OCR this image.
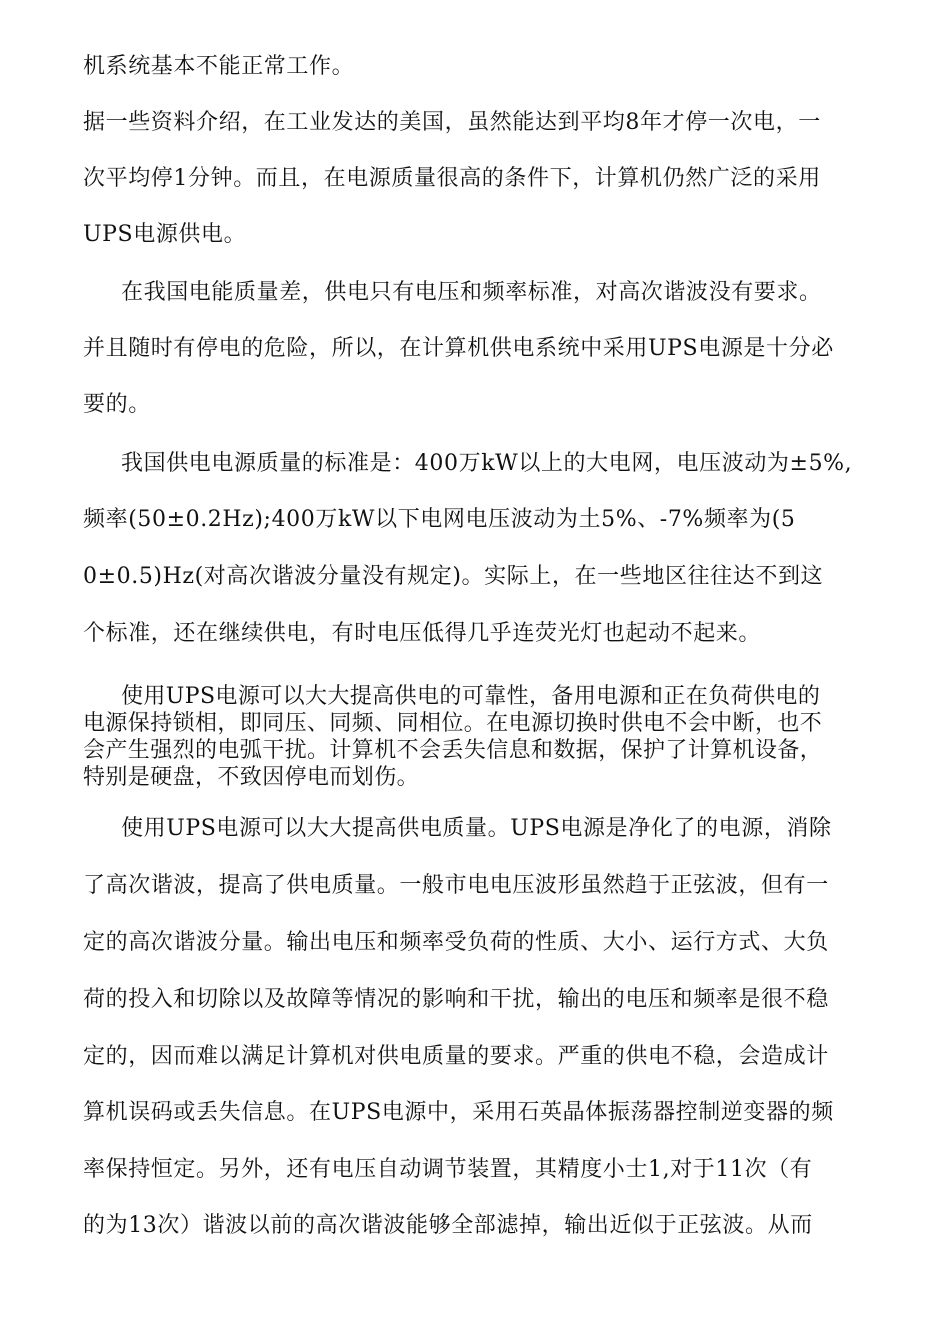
机系统基本不能正常工作。
据一些资料介绍，在工业发达的美国，虽然能达到平均8年才停一次电，一
次平均停1分钟。而且，在电源质量很高的条件下，计算机仍然广泛的采用
UPS电源供电。
在我国电能质量差，供电只有电压和频率标准，对高次谐波没有要求。
并且随时有停电的危险，所以，在计算机供电系统中采用UPS电源是十分必
要的。
我国供电电源质量的标准是：400万kW以上的大电网，电压波动为±5%,
频率(50±0.2Hz);400万kW以下电网电压波动为土5%、-7%频率为(5
0±0.5)Hz(对高次谐波分量没有规定)。实际上，在一些地区往往达不到这
个标准，还在继续供电，有时电压低得几乎连荧光灯也起动不起来。
使用UPS电源可以大大提高供电的可靠性，备用电源和正在负荷供电的
电源保持锁相，即同压、同频、同相位。在电源切换时供电不会中断，也不
会产生强烈的电弧干扰。计算机不会丢失信息和数据，保护了计算机设备，
特别是硬盘，不致因停电而划伤。
使用UPS电源可以大大提高供电质量。UPS电源是净化了的电源，消除
了高次谐波，提高了供电质量。一般市电电压波形虽然趋于正弦波，但有一
定的高次谐波分量。输出电压和频率受负荷的性质、大小、运行方式、大负
荷的投入和切除以及故障等情况的影响和干扰，输出的电压和频率是很不稳
定的，因而难以满足计算机对供电质量的要求。严重的供电不稳，会造成计
算机误码或丢失信息。在UPS电源中，采用石英晶体振荡器控制逆变器的频
率保持恒定。另外，还有电压自动调节装置，其精度小士1,对于11次（有
的为13次）谐波以前的高次谐波能够全部滤掉，输出近似于正弦波。从而
